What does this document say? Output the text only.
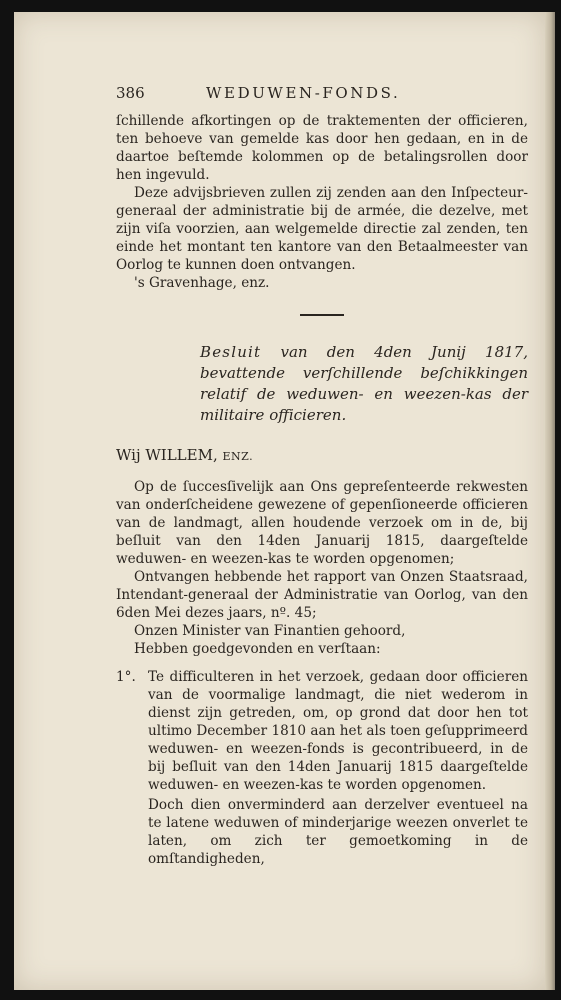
386	WEDUWEN-FONDS.

ſchillende afkortingen op de traktementen der officieren, ten behoeve van gemelde kas door hen gedaan, en in de daartoe beſtemde kolommen op de betalingsrollen door hen ingevuld.

Deze advijsbrieven zullen zij zenden aan den Inſpecteur-generaal der administratie bij de armée, die dezelve, met zijn viſa voorzien, aan welgemelde directie zal zenden, ten einde het montant ten kantore van den Betaalmeester van Oorlog te kunnen doen ontvangen.

's Gravenhage, enz.

Besluit van den 4den Junij 1817, bevattende verſchillende beſchikkingen relatif de weduwen- en weezen-kas der militaire officieren.

Wij WILLEM, ENZ.

Op de ſuccesſivelijk aan Ons gepreſenteerde rekwesten van onderſcheidene gewezene of gepenſioneerde officieren van de landmagt, allen houdende verzoek om in de, bij beſluit van den 14den Januarij 1815, daargeſtelde weduwen- en weezen-kas te worden opgenomen;

Ontvangen hebbende het rapport van Onzen Staatsraad, Intendant-generaal der Administratie van Oorlog, van den 6den Mei dezes jaars, nº. 45;

Onzen Minister van Finantien gehoord,

Hebben goedgevonden en verſtaan:

1°. Te difficulteren in het verzoek, gedaan door officieren van de voormalige landmagt, die niet wederom in dienst zijn getreden, om, op grond dat door hen tot ultimo December 1810 aan het als toen geſupprimeerd weduwen- en weezen-fonds is gecontribueerd, in de bij beſluit van den 14den Januarij 1815 daargeſtelde weduwen- en weezen-kas te worden opgenomen.

Doch dien onverminderd aan derzelver eventueel na te latene weduwen of minderjarige weezen onverlet te laten, om zich ter gemoetkoming in de omſtandigheden,
